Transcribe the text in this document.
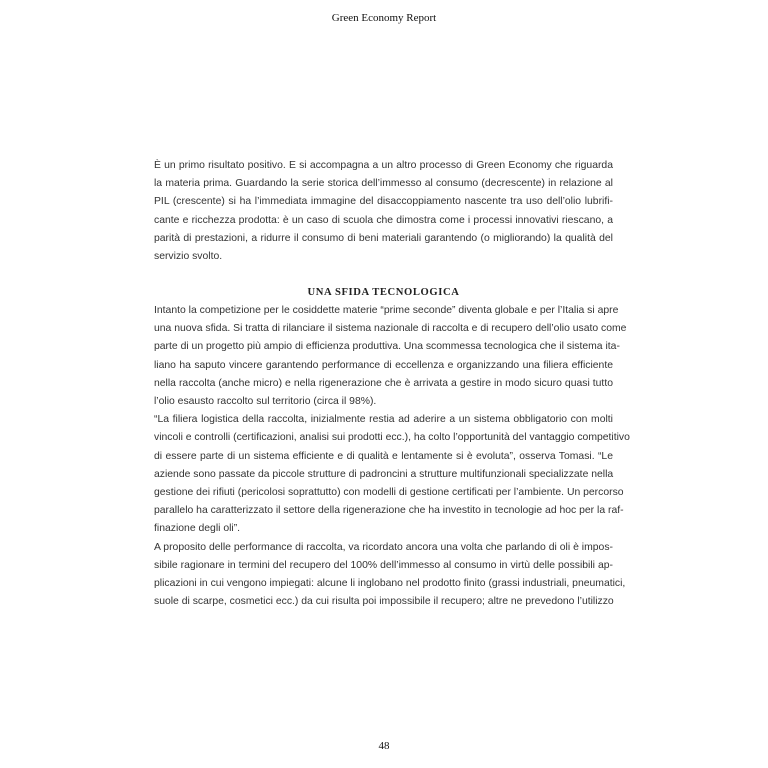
Green Economy Report
È un primo risultato positivo. E si accompagna a un altro processo di Green Economy che riguarda
la materia prima. Guardando la serie storica dell’immesso al consumo (decrescente) in relazione al
PIL (crescente) si ha l’immediata immagine del disaccoppiamento nascente tra uso dell’olio lubrifi-
cante e ricchezza prodotta: è un caso di scuola che dimostra come i processi innovativi riescano, a
parità di prestazioni, a ridurre il consumo di beni materiali garantendo (o migliorando) la qualità del
servizio svolto.
UNA SFIDA TECNOLOGICA
Intanto la competizione per le cosiddette materie “prime seconde” diventa globale e per l’Italia si apre
una nuova sfida. Si tratta di rilanciare il sistema nazionale di raccolta e di recupero dell’olio usato come
parte di un progetto più ampio di efficienza produttiva. Una scommessa tecnologica che il sistema ita-
liano ha saputo vincere garantendo performance di eccellenza e organizzando una filiera efficiente
nella raccolta (anche micro) e nella rigenerazione che è arrivata a gestire in modo sicuro quasi tutto
l’olio esausto raccolto sul territorio (circa il 98%).
“La filiera logistica della raccolta, inizialmente restia ad aderire a un sistema obbligatorio con molti
vincoli e controlli (certificazioni, analisi sui prodotti ecc.), ha colto l’opportunità del vantaggio competitivo
di essere parte di un sistema efficiente e di qualità e lentamente si è evoluta”, osserva Tomasi. “Le
aziende sono passate da piccole strutture di padroncini a strutture multifunzionali specializzate nella
gestione dei rifiuti (pericolosi soprattutto) con modelli di gestione certificati per l’ambiente. Un percorso
parallelo ha caratterizzato il settore della rigenerazione che ha investito in tecnologie ad hoc per la raf-
finazione degli oli”.
A proposito delle performance di raccolta, va ricordato ancora una volta che parlando di oli è impos-
sibile ragionare in termini del recupero del 100% dell’immesso al consumo in virtù delle possibili ap-
plicazioni in cui vengono impiegati: alcune li inglobano nel prodotto finito (grassi industriali, pneumatici,
suole di scarpe, cosmetici ecc.) da cui risulta poi impossibile il recupero; altre ne prevedono l’utilizzo
48
